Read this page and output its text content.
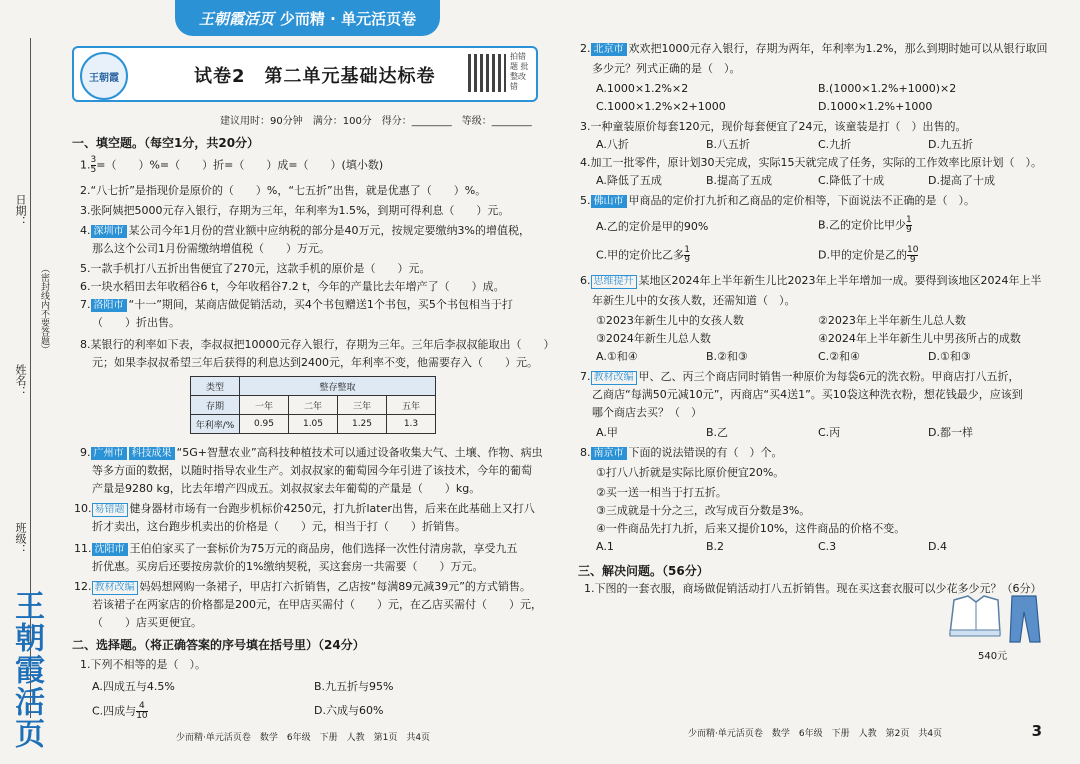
王朝霞活页 少而精 · 单元活页卷
日期：
（密封线内不要答题）
姓名：
班级：
王朝霞活页
王朝霞	试卷2　第二单元基础达标卷
拍错题 批整改错
建议用时：90分钟　满分：100分　得分：________　等级：________
一、填空题。（每空1分，共20分）
1. $\frac{3}{5}$ =（　　）%=（　　）折=（　　）成=（　　）(填小数)
2.“八七折”是指现价是原价的（　　）%，“七五折”出售，就是优惠了（　　）%。
3.张阿姨把5000元存入银行，存期为三年，年利率为1.5%，到期可得利息（　　）元。
4. 深圳市 某公司今年1月份的营业额中应纳税的部分是40万元，按规定要缴纳3%的增值税，
那么这个公司1月份需缴纳增值税（　　）万元。
5.一款手机打八五折出售便宜了270元，这款手机的原价是（　　）元。
6.一块水稻田去年收稻谷6 t，今年收稻谷7.2 t，今年的产量比去年增产了（　　）成。
7. 洛阳市 “十一”期间，某商店做促销活动，买4个书包赠送1个书包，买5个书包相当于打
（　　）折出售。
8.某银行的利率如下表，李叔叔把10000元存入银行，存期为三年。三年后李叔叔能取出（　　）
元；如果李叔叔希望三年后获得的利息达到2400元，年利率不变，他需要存入（　　）元。
类型	整存整取			
存期	一年	二年	三年	五年
年利率/%	0.95	1.05	1.25	1.3
9. 广州市 科技成果 “5G+智慧农业”高科技种植技术可以通过设备收集大气、土壤、作物、病虫
等多方面的数据，以随时指导农业生产。刘叔叔家的葡萄园今年引进了该技术，今年的葡萄
产量是9280 kg，比去年增产四成五。刘叔叔家去年葡萄的产量是（　　）kg。
10. 易错题 健身器材市场有一台跑步机标价4250元，打九折later出售，后来在此基础上又打八
折才卖出，这台跑步机卖出的价格是（　　）元，相当于打（　　）折销售。
11. 沈阳市 王伯伯家买了一套标价为75万元的商品房，他们选择一次性付清房款，享受九五
折优惠。买房后还要按房款价的1%缴纳契税，买这套房一共需要（　　）万元。
12. 教材改编 妈妈想网购一条裙子，甲店打六折销售，乙店按“每满89元减39元”的方式销售。
若该裙子在两家店的价格都是200元，在甲店买需付（　　）元，在乙店买需付（　　）元，
（　　）店买更便宜。
二、选择题。（将正确答案的序号填在括号里）（24分）
1.下列不相等的是（　）。
A.四成五与4.5%	B.九五折与95%
C.四成与 $\frac{4}{10}$	D.六成与60%
少而精·单元活页卷　数学　6年级　下册　人教　第1页　共4页
2. 北京市 欢欢把1000元存入银行，存期为两年，年利率为1.2%，那么到期时她可以从银行取回
多少元？列式正确的是（　）。
A.1000×1.2%×2	B.(1000×1.2%+1000)×2
C.1000×1.2%×2+1000	D.1000×1.2%+1000
3.一种童装原价每套120元，现价每套便宜了24元，该童装是打（　）出售的。
A.八折	B.八五折	C.九折	D.九五折
4.加工一批零件，原计划30天完成，实际15天就完成了任务，实际的工作效率比原计划（　）。
A.降低了五成	B.提高了五成	C.降低了十成	D.提高了十成
5. 佛山市 甲商品的定价打九折和乙商品的定价相等，下面说法不正确的是（　）。
A.乙的定价是甲的90%	B.乙的定价比甲少 $\frac{1}{9}$
C.甲的定价比乙多 $\frac{1}{9}$	D.甲的定价是乙的 $\frac{10}{9}$
6. 思维提升 某地区2024年上半年新生儿比2023年上半年增加一成。要得到该地区2024年上半
年新生儿中的女孩人数，还需知道（　）。
①2023年新生儿中的女孩人数	②2023年上半年新生儿总人数
③2024年新生儿总人数	④2024年上半年新生儿中男孩所占的成数
A.①和④	B.②和③	C.②和④	D.①和③
7. 教材改编 甲、乙、丙三个商店同时销售一种原价为每袋6元的洗衣粉。甲商店打八五折，
乙商店“每满50元减10元”，丙商店“买4送1”。买10袋这种洗衣粉，想花钱最少，应该到
哪个商店去买？（　）
A.甲	B.乙	C.丙	D.都一样
8. 南京市 下面的说法错误的有（　）个。
①打八八折就是实际比原价便宜20%。
②买一送一相当于打五折。
③三成就是十分之三，改写成百分数是3%。
④一件商品先打九折，后来又提价10%，这件商品的价格不变。
A.1	B.2	C.3	D.4
三、解决问题。（56分）
1.下图的一套衣服，商场做促销活动打八五折销售。现在买这套衣服可以少花多少元？（6分）
540元
少而精·单元活页卷　数学　6年级　下册　人教　第2页　共4页	3
